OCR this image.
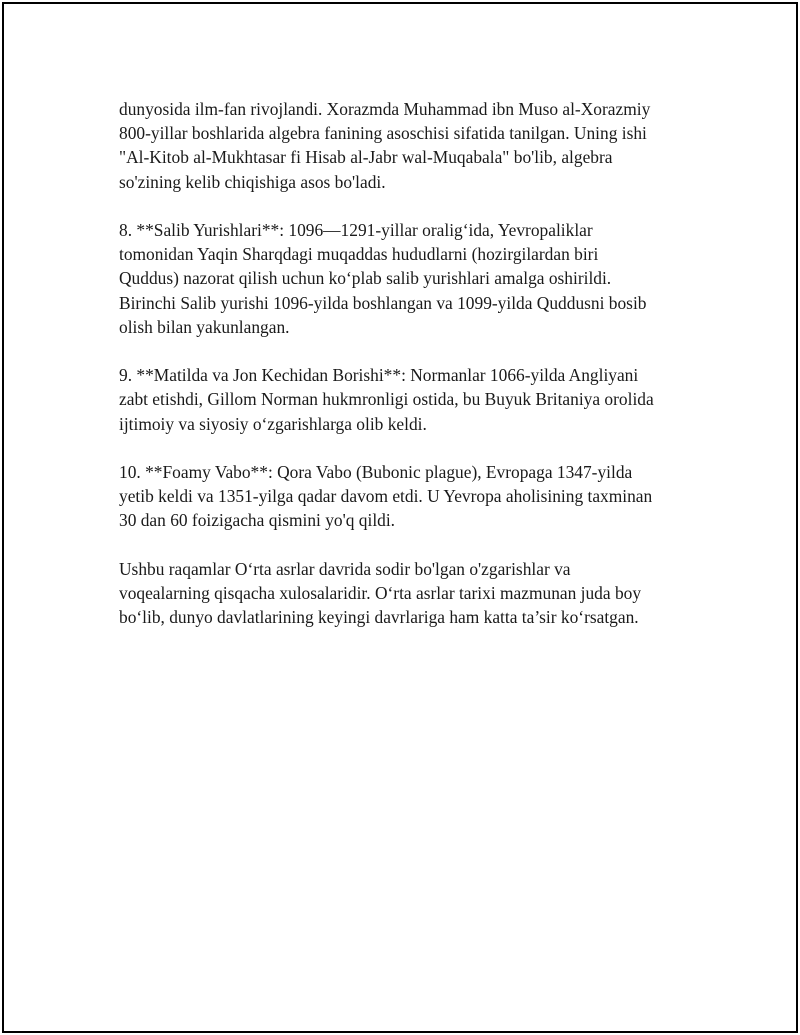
dunyosida ilm-fan rivojlandi. Xorazmda Muhammad ibn Muso al-Xorazmiy
800-yillar boshlarida algebra fanining asoschisi sifatida tanilgan. Uning ishi
"Al-Kitob al-Mukhtasar fi Hisab al-Jabr wal-Muqabala" bo'lib, algebra
so'zining kelib chiqishiga asos bo'ladi.

8. **Salib Yurishlari**: 1096—1291-yillar oralig‘ida, Yevropaliklar
tomonidan Yaqin Sharqdagi muqaddas hududlarni (hozirgilardan biri
Quddus) nazorat qilish uchun ko‘plab salib yurishlari amalga oshirildi.
Birinchi Salib yurishi 1096-yilda boshlangan va 1099-yilda Quddusni bosib
olish bilan yakunlangan.

9. **Matilda va Jon Kechidan Borishi**: Normanlar 1066-yilda Angliyani
zabt etishdi, Gillom Norman hukmronligi ostida, bu Buyuk Britaniya orolida
ijtimoiy va siyosiy o‘zgarishlarga olib keldi.

10. **Foamy Vabo**: Qora Vabo (Bubonic plague), Evropaga 1347-yilda
yetib keldi va 1351-yilga qadar davom etdi. U Yevropa aholisining taxminan
30 dan 60 foizigacha qismini yo'q qildi.

Ushbu raqamlar O‘rta asrlar davrida sodir bo'lgan o'zgarishlar va
voqealarning qisqacha xulosalaridir. O‘rta asrlar tarixi mazmunan juda boy
bo‘lib, dunyo davlatlarining keyingi davrlariga ham katta ta’sir ko‘rsatgan.
